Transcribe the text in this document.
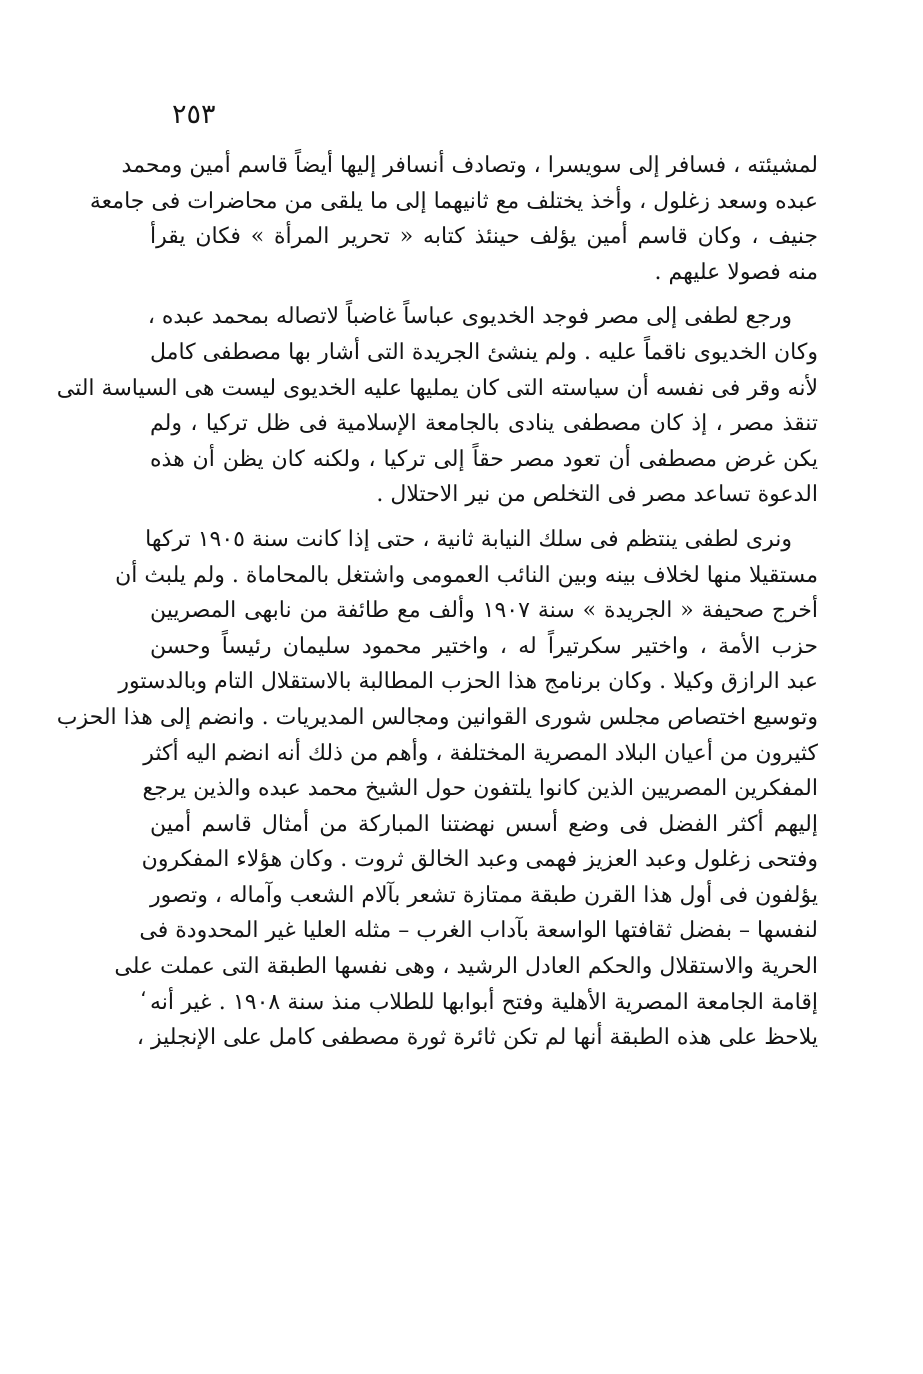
٢٥٣
لمشيئته ، فسافر إلى سويسرا ، وتصادف أنسافر إليها أيضاً قاسم أمين ومحمد
عبده وسعد زغلول ، وأخذ يختلف مع ثانيهما إلى ما يلقى من محاضرات فى جامعة
جنيف ، وكان قاسم أمين يؤلف حينئذ كتابه « تحرير المرأة » فكان يقرأ
منه فصولا عليهم .
ورجع لطفى إلى مصر فوجد الخديوى عباساً غاضباً لاتصاله بمحمد عبده ،
وكان الخديوى ناقماً عليه . ولم ينشئ الجريدة التى أشار بها مصطفى كامل
لأنه وقر فى نفسه أن سياسته التى كان يمليها عليه الخديوى ليست هى السياسة التى
تنقذ مصر ، إذ كان مصطفى ينادى بالجامعة الإسلامية فى ظل تركيا ، ولم
يكن غرض مصطفى أن تعود مصر حقاً إلى تركيا ، ولكنه كان يظن أن هذه
الدعوة تساعد مصر فى التخلص من نير الاحتلال .
ونرى لطفى ينتظم فى سلك النيابة ثانية ، حتى إذا كانت سنة ١٩٠٥ تركها
مستقيلا منها لخلاف بينه وبين النائب العمومى واشتغل بالمحاماة . ولم يلبث أن
أخرج صحيفة « الجريدة » سنة ١٩٠٧ وألف مع طائفة من نابهى المصريين
حزب الأمة ، واختير سكرتيراً له ، واختير محمود سليمان رئيساً وحسن
عبد الرازق وكيلا . وكان برنامج هذا الحزب المطالبة بالاستقلال التام وبالدستور
وتوسيع اختصاص مجلس شورى القوانين ومجالس المديريات . وانضم إلى هذا الحزب
كثيرون من أعيان البلاد المصرية المختلفة ، وأهم من ذلك أنه انضم اليه أكثر
المفكرين المصريين الذين كانوا يلتفون حول الشيخ محمد عبده والذين يرجع
إليهم أكثر الفضل فى وضع أسس نهضتنا المباركة من أمثال قاسم أمين
وفتحى زغلول وعبد العزيز فهمى وعبد الخالق ثروت . وكان هؤلاء المفكرون
يؤلفون فى أول هذا القرن طبقة ممتازة تشعر بآلام الشعب وآماله ، وتصور
لنفسها – بفضل ثقافتها الواسعة بآداب الغرب – مثله العليا غير المحدودة فى
الحرية والاستقلال والحكم العادل الرشيد ، وهى نفسها الطبقة التى عملت على
إقامة الجامعة المصرية الأهلية وفتح أبوابها للطلاب منذ سنة ١٩٠٨ . غير أنه
يلاحظ على هذه الطبقة أنها لم تكن ثائرة ثورة مصطفى كامل على الإنجليز ،
،
